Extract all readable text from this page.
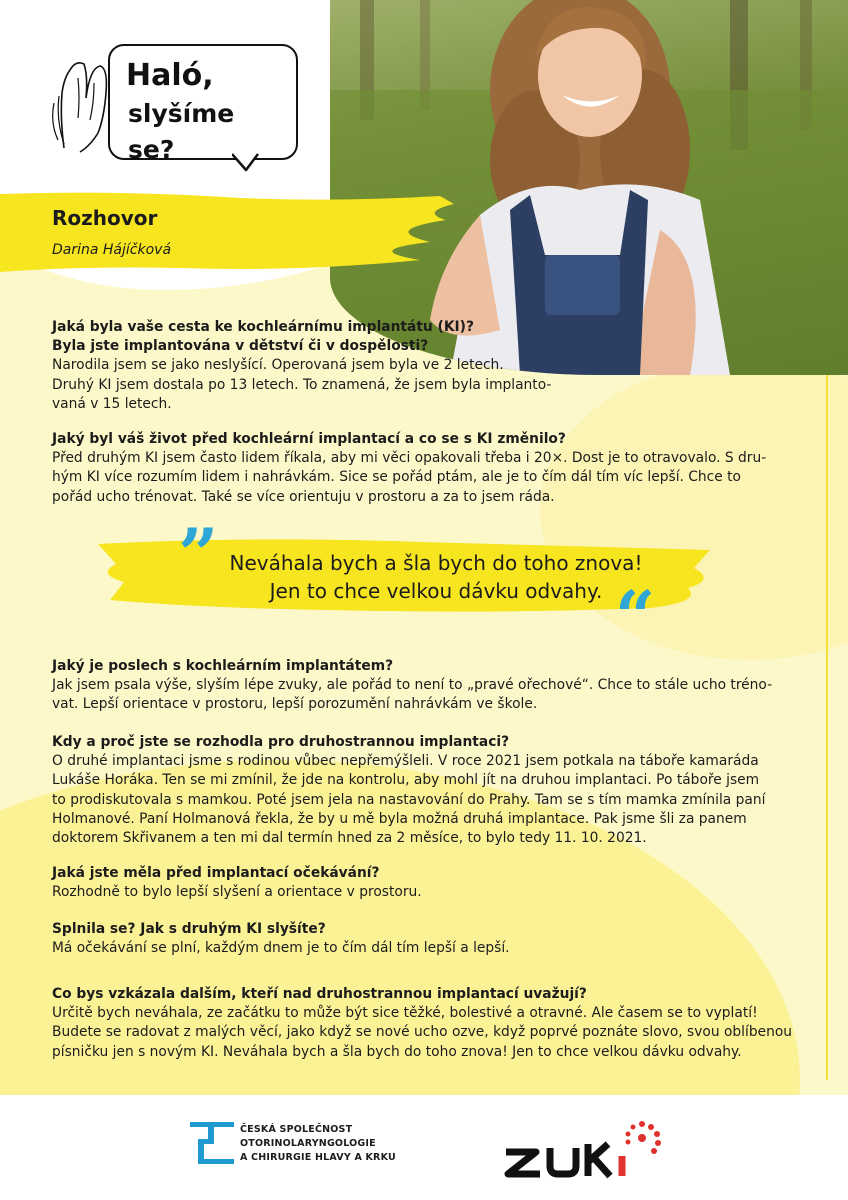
Haló,
slyšíme se?
Rozhovor
Darina Hájíčková
Jaká byla vaše cesta ke kochleárnímu implantátu (KI)?
Byla jste implantována v dětství či v dospělosti?
Narodila jsem se jako neslyšící. Operovaná jsem byla ve 2 letech.
Druhý KI jsem dostala po 13 letech. To znamená, že jsem byla implanto-
vaná v 15 letech.
Jaký byl váš život před kochleární implantací a co se s KI změnilo?
Před druhým KI jsem často lidem říkala, aby mi věci opakovali třeba i 20×. Dost je to otravovalo. S dru-
hým KI více rozumím lidem i nahrávkám. Sice se pořád ptám, ale je to čím dál tím víc lepší. Chce to
pořád ucho trénovat. Také se více orientuju v prostoru a za to jsem ráda.
” Neváhala bych a šla bych do toho znova!
Jen to chce velkou dávku odvahy. “
Jaký je poslech s kochleárním implantátem?
Jak jsem psala výše, slyším lépe zvuky, ale pořád to není to „pravé ořechové“. Chce to stále ucho tréno-
vat. Lepší orientace v prostoru, lepší porozumění nahrávkám ve škole.
Kdy a proč jste se rozhodla pro druhostrannou implantaci?
O druhé implantaci jsme s rodinou vůbec nepřemýšleli. V roce 2021 jsem potkala na táboře kamaráda
Lukáše Horáka. Ten se mi zmínil, že jde na kontrolu, aby mohl jít na druhou implantaci. Po táboře jsem
to prodiskutovala s mamkou. Poté jsem jela na nastavování do Prahy. Tam se s tím mamka zmínila paní
Holmanové. Paní Holmanová řekla, že by u mě byla možná druhá implantace. Pak jsme šli za panem
doktorem Skřivanem a ten mi dal termín hned za 2 měsíce, to bylo tedy 11. 10. 2021.
Jaká jste měla před implantací očekávání?
Rozhodně to bylo lepší slyšení a orientace v prostoru.
Splnila se? Jak s druhým KI slyšíte?
Má očekávání se plní, každým dnem je to čím dál tím lepší a lepší.
Co bys vzkázala dalším, kteří nad druhostrannou implantací uvažují?
Určitě bych neváhala, ze začátku to může být sice těžké, bolestivé a otravné. Ale časem se to vyplatí!
Budete se radovat z malých věcí, jako když se nové ucho ozve, když poprvé poznáte slovo, svou oblíbenou
písničku jen s novým KI. Neváhala bych a šla bych do toho znova! Jen to chce velkou dávku odvahy.
ČESKÁ SPOLEČNOST
OTORINOLARYNGOLOGIE
A CHIRURGIE HLAVY A KRKU
